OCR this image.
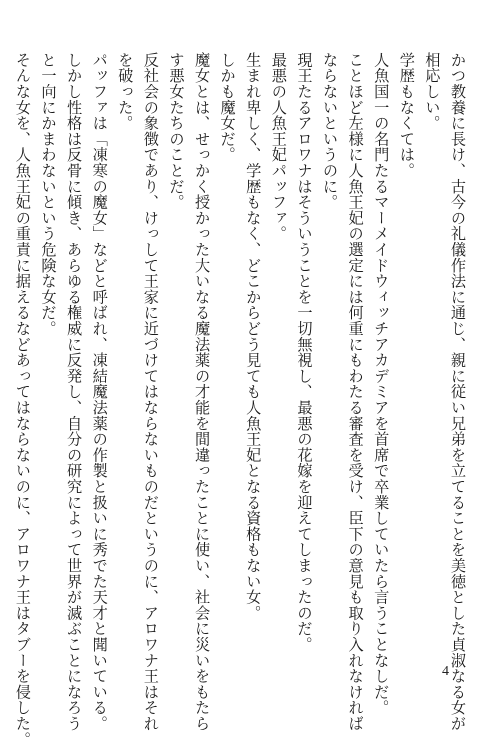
かつ教養に長け、古今の礼儀作法に通じ、親に従い兄弟を立てることを美徳とした貞淑なる女が
相応しい。
学歴もなくては。
人魚国一の名門たるマーメイドウィッチアカデミアを首席で卒業していたら言うことなしだ。
ことほど左様に人魚王妃の選定には何重にもわたる審査を受け、臣下の意見も取り入れなければ
ならないというのに。
現王たるアロワナはそういうことを一切無視し、最悪の花嫁を迎えてしまったのだ。
最悪の人魚王妃パッファ。
生まれ卑しく、学歴もなく、どこからどう見ても人魚王妃となる資格もない女。
しかも魔女だ。
魔女とは、せっかく授かった大いなる魔法薬の才能を間違ったことに使い、社会に災いをもたら
す悪女たちのことだ。
反社会の象徴であり、けっして王家に近づけてはならないものだというのに、アロワナ王はそれ
を破った。
パッファは「凍寒の魔女」などと呼ばれ、凍結魔法薬の作製と扱いに秀でた天才と聞いている。
しかし性格は反骨に傾き、あらゆる権威に反発し、自分の研究によって世界が滅ぶことになろう
と一向にかまわないという危険な女だ。
そんな女を、人魚王妃の重責に据えるなどあってはならないのに、アロワナ王はタブーを侵した。	4
